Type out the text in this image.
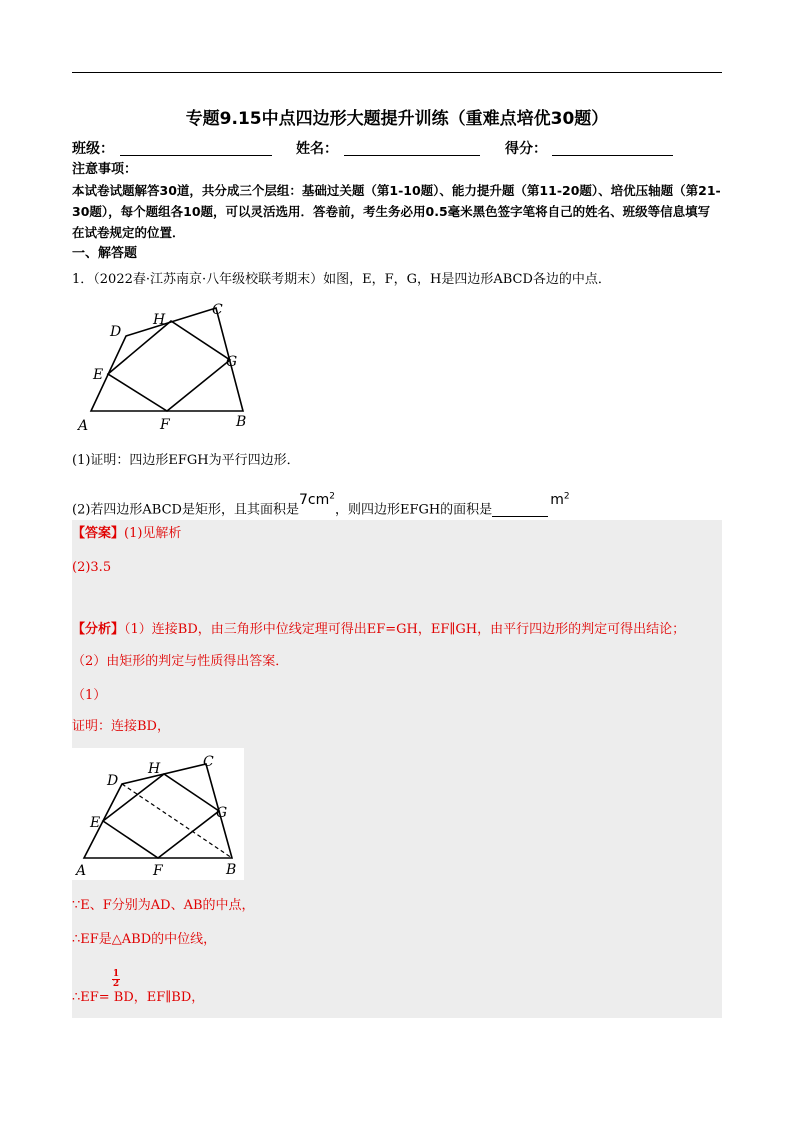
专题9.15中点四边形大题提升训练（重难点培优30题）
班级：	姓名：	得分：
注意事项：
本试卷试题解答30道，共分成三个层组：基础过关题（第1-10题）、能力提升题（第11-20题）、培优压轴题（第21-30题），每个题组各10题，可以灵活选用．答卷前，考生务必用0.5毫米黑色签字笔将自己的姓名、班级等信息填写在试卷规定的位置．
一、解答题
1．（2022春·江苏南京·八年级校联考期末）如图，E，F，G，H是四边形ABCD各边的中点．
A	B
C
D
E
F
G
H
(1)证明：四边形EFGH为平行四边形．
(2)若四边形ABCD是矩形，且其面积是$7cm^2$，则四边形EFGH的面积是$m^2$
【答案】(1)见解析
(2)3.5
【分析】（1）连接BD，由三角形中位线定理可得出EF=GH，EF∥GH，由平行四边形的判定可得出结论；
（2）由矩形的判定与性质得出答案．
（1）
证明：连接BD，
A	B
C
D
E
F
G
H
∵E、F分别为AD、AB的中点，
∴EF是△ABD的中位线，
1

2
∴EF= BD，EF∥BD，
